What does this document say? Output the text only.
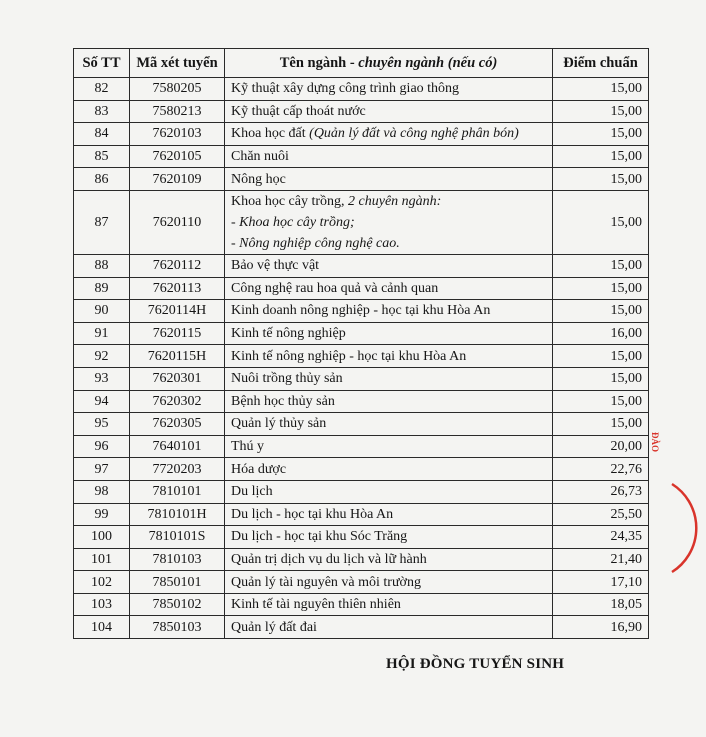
Số TT	Mã xét tuyển	Tên ngành - chuyên ngành (nếu có)	Điểm chuẩn
82	7580205	Kỹ thuật xây dựng công trình giao thông	15,00
83	7580213	Kỹ thuật cấp thoát nước	15,00
84	7620103	Khoa học đất (Quản lý đất và công nghệ phân bón)	15,00
85	7620105	Chăn nuôi	15,00
86	7620109	Nông học	15,00
87	7620110	Khoa học cây trồng, 2 chuyên ngành:
- Khoa học cây trồng;
- Nông nghiệp công nghệ cao.	15,00
88	7620112	Bảo vệ thực vật	15,00
89	7620113	Công nghệ rau hoa quả và cảnh quan	15,00
90	7620114H	Kinh doanh nông nghiệp - học tại khu Hòa An	15,00
91	7620115	Kinh tế nông nghiệp	16,00
92	7620115H	Kinh tế nông nghiệp - học tại khu Hòa An	15,00
93	7620301	Nuôi trồng thủy sản	15,00
94	7620302	Bệnh học thủy sản	15,00
95	7620305	Quản lý thủy sản	15,00
96	7640101	Thú y	20,00
97	7720203	Hóa dược	22,76
98	7810101	Du lịch	26,73
99	7810101H	Du lịch - học tại khu Hòa An	25,50
100	7810101S	Du lịch - học tại khu Sóc Trăng	24,35
101	7810103	Quản trị dịch vụ du lịch và lữ hành	21,40
102	7850101	Quản lý tài nguyên và môi trường	17,10
103	7850102	Kinh tế tài nguyên thiên nhiên	18,05
104	7850103	Quản lý đất đai	16,90
HỘI ĐỒNG TUYỂN SINH
ĐÀO
